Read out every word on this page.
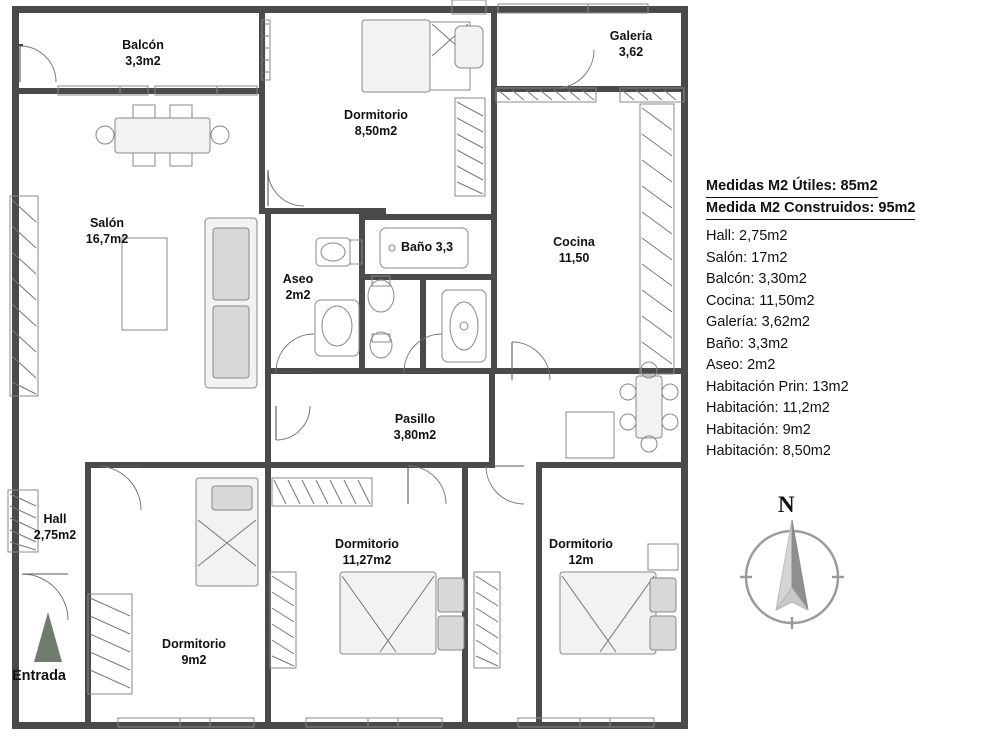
Balcón
3,3m2
Dormitorio
8,50m2
Galería
3,62
Salón
16,7m2
Aseo
2m2
Baño 3,3	Cocina
11,50
Pasillo
3,80m2
Hall
2,75m2
Dormitorio
9m2
Dormitorio
11,27m2
Dormitorio
12m
Entrada
Medidas M2 Útiles: 85m2
Medida M2 Construidos: 95m2
Hall: 2,75m2
Salón: 17m2
Balcón: 3,30m2
Cocina: 11,50m2
Galería: 3,62m2
Baño: 3,3m2
Aseo: 2m2
Habitación Prin: 13m2
Habitación: 11,2m2
Habitación: 9m2
Habitación: 8,50m2
N
